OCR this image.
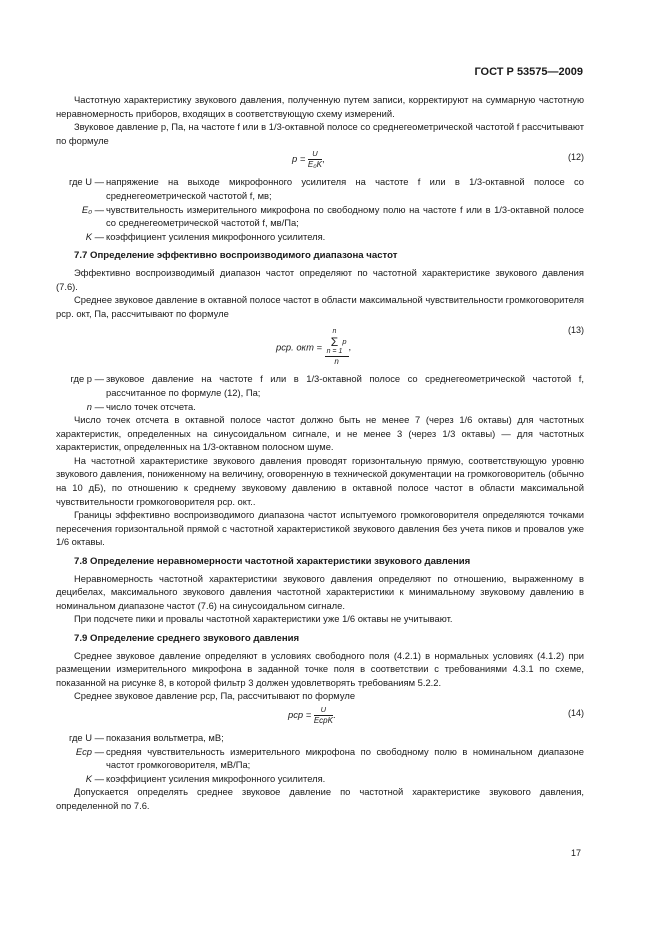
ГОСТ Р 53575—2009

Частотную характеристику звукового давления, полученную путем записи, корректируют на суммарную частотную неравномерность приборов, входящих в соответствующую схему измерений.

Звуковое давление p, Па, на частоте f или в 1/3-октавной полосе со среднегеометрической частотой f рассчитывают по формуле

$p = \frac{U}{\text{E₀K}}$ ,	(12)
где U — напряжение на выходе микрофонного усилителя на частоте f или в 1/3-октавной полосе со среднегеометрической частотой f, мв;
E₀ — чувствительность измерительного микрофона по свободному полю на частоте f или в 1/3-октавной полосе со среднегеометрической частотой f, мв/Па;
K — коэффициент усиления микрофонного усилителя.
7.7 Определение эффективно воспроизводимого диапазона частот

Эффективно воспроизводимый диапазон частот определяют по частотной характеристике звукового давления (7.6).

Среднее звуковое давление в октавной полосе частот в области максимальной чувствительности громкоговорителя pср. окт, Па, рассчитывают по формуле

pср. окт = n
Σ
n = 1p
n ,
(13)
где p — звуковое давление на частоте f или в 1/3-октавной полосе со среднегеометрической частотой f, рассчитанное по формуле (12), Па;
n — число точек отсчета.

Число точек отсчета в октавной полосе частот должно быть не менее 7 (через 1/6 октавы) для частотных характеристик, определенных на синусоидальном сигнале, и не менее 3 (через 1/3 октавы) — для частотных характеристик, определенных на 1/3-октавном полосном шуме.

На частотной характеристике звукового давления проводят горизонтальную прямую, соответствующую уровню звукового давления, пониженному на величину, оговоренную в технической документации на громкоговоритель (обычно на 10 дБ), по отношению к среднему звуковому давлению в октавной полосе частот в области максимальной чувствительности громкоговорителя pср. окт..

Границы эффективно воспроизводимого диапазона частот испытуемого громкоговорителя определяются точками пересечения горизонтальной прямой с частотной характеристикой звукового давления без учета пиков и провалов уже 1/6 октавы.

7.8 Определение неравномерности частотной характеристики звукового давления

Неравномерность частотной характеристики звукового давления определяют по отношению, выраженному в децибелах, максимального звукового давления частотной характеристики к минимальному звуковому давлению в номинальном диапазоне частот (7.6) на синусоидальном сигнале.

При подсчете пики и провалы частотной характеристики уже 1/6 октавы не учитывают.

7.9 Определение среднего звукового давления

Среднее звуковое давление определяют в условиях свободного поля (4.2.1) в нормальных условиях (4.1.2) при размещении измерительного микрофона в заданной точке поля в соответствии с требованиями 4.3.1 по схеме, показанной на рисунке 8, в которой фильтр 3 должен удовлетворять требованиям 5.2.2.

Среднее звуковое давление pср, Па, рассчитывают по формуле

pср = $\frac{U}{\text{EсрK}}$ .	(14)
где U — показания вольтметра, мВ;
Eср — средняя чувствительность измерительного микрофона по свободному полю в номинальном диапазоне частот громкоговорителя, мВ/Па;
K — коэффициент усиления микрофонного усилителя.

Допускается определять среднее звуковое давление по частотной характеристике звукового давления, определенной по 7.6.

17
